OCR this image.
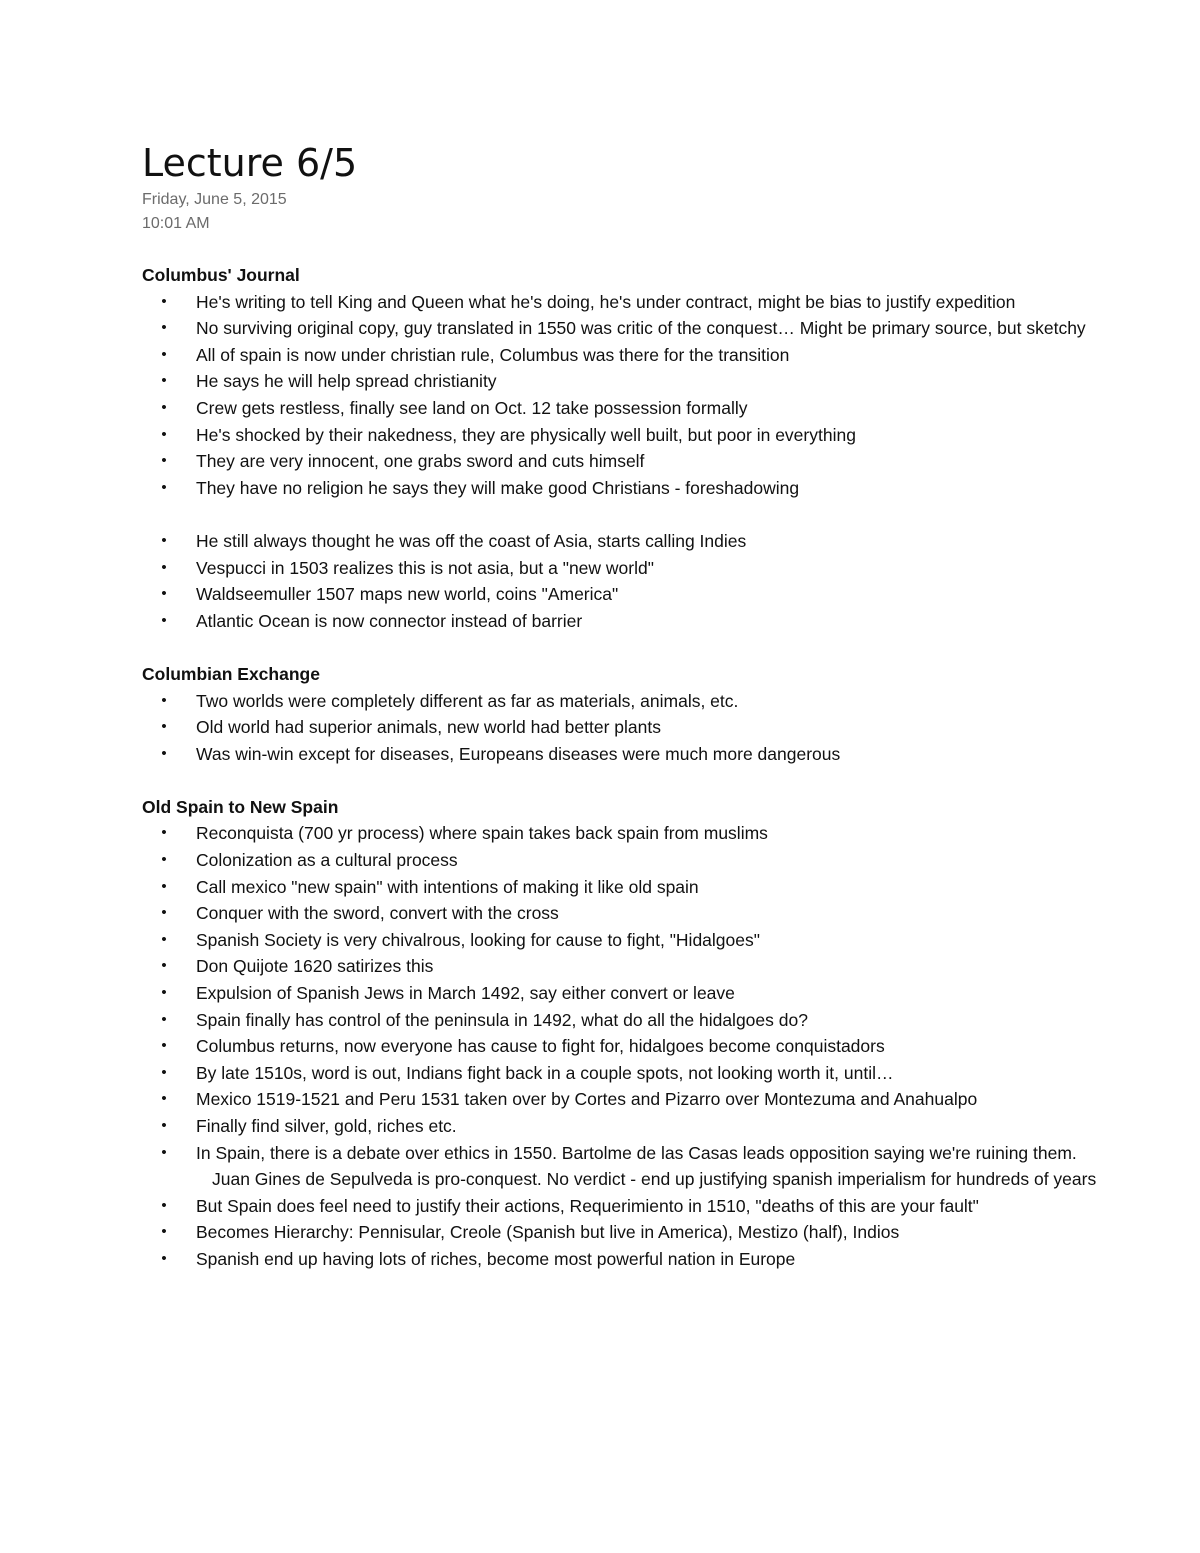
Lecture 6/5
Friday, June 5, 2015
10:01 AM
Columbus' Journal
• He's writing to tell King and Queen what he's doing, he's under contract, might be bias to justify expedition
• No surviving original copy, guy translated in 1550 was critic of the conquest… Might be primary source, but sketchy
• All of spain is now under christian rule, Columbus was there for the transition
• He says he will help spread christianity
• Crew gets restless, finally see land on Oct. 12 take possession formally
• He's shocked by their nakedness, they are physically well built, but poor in everything
• They are very innocent, one grabs sword and cuts himself
• They have no religion he says they will make good Christians - foreshadowing
• He still always thought he was off the coast of Asia, starts calling Indies
• Vespucci in 1503 realizes this is not asia, but a "new world"
• Waldseemuller 1507 maps new world, coins "America"
• Atlantic Ocean is now connector instead of barrier
Columbian Exchange
• Two worlds were completely different as far as materials, animals, etc.
• Old world had superior animals, new world had better plants
• Was win-win except for diseases, Europeans diseases were much more dangerous
Old Spain to New Spain
• Reconquista (700 yr process) where spain takes back spain from muslims
• Colonization as a cultural process
• Call mexico "new spain" with intentions of making it like old spain
• Conquer with the sword, convert with the cross
• Spanish Society is very chivalrous, looking for cause to fight, "Hidalgoes"
• Don Quijote 1620 satirizes this
• Expulsion of Spanish Jews in March 1492, say either convert or leave
• Spain finally has control of the peninsula in 1492, what do all the hidalgoes do?
• Columbus returns, now everyone has cause to fight for, hidalgoes become conquistadors
• By late 1510s, word is out, Indians fight back in a couple spots, not looking worth it, until…
• Mexico 1519-1521 and Peru 1531 taken over by Cortes and Pizarro over Montezuma and Anahualpo
• Finally find silver, gold, riches etc.
• In Spain, there is a debate over ethics in 1550. Bartolme de las Casas leads opposition saying we're ruining them. Juan Gines de Sepulveda is pro-conquest. No verdict - end up justifying spanish imperialism for hundreds of years
• But Spain does feel need to justify their actions, Requerimiento in 1510, "deaths of this are your fault"
• Becomes Hierarchy: Pennisular, Creole (Spanish but live in America), Mestizo (half), Indios
• Spanish end up having lots of riches, become most powerful nation in Europe
